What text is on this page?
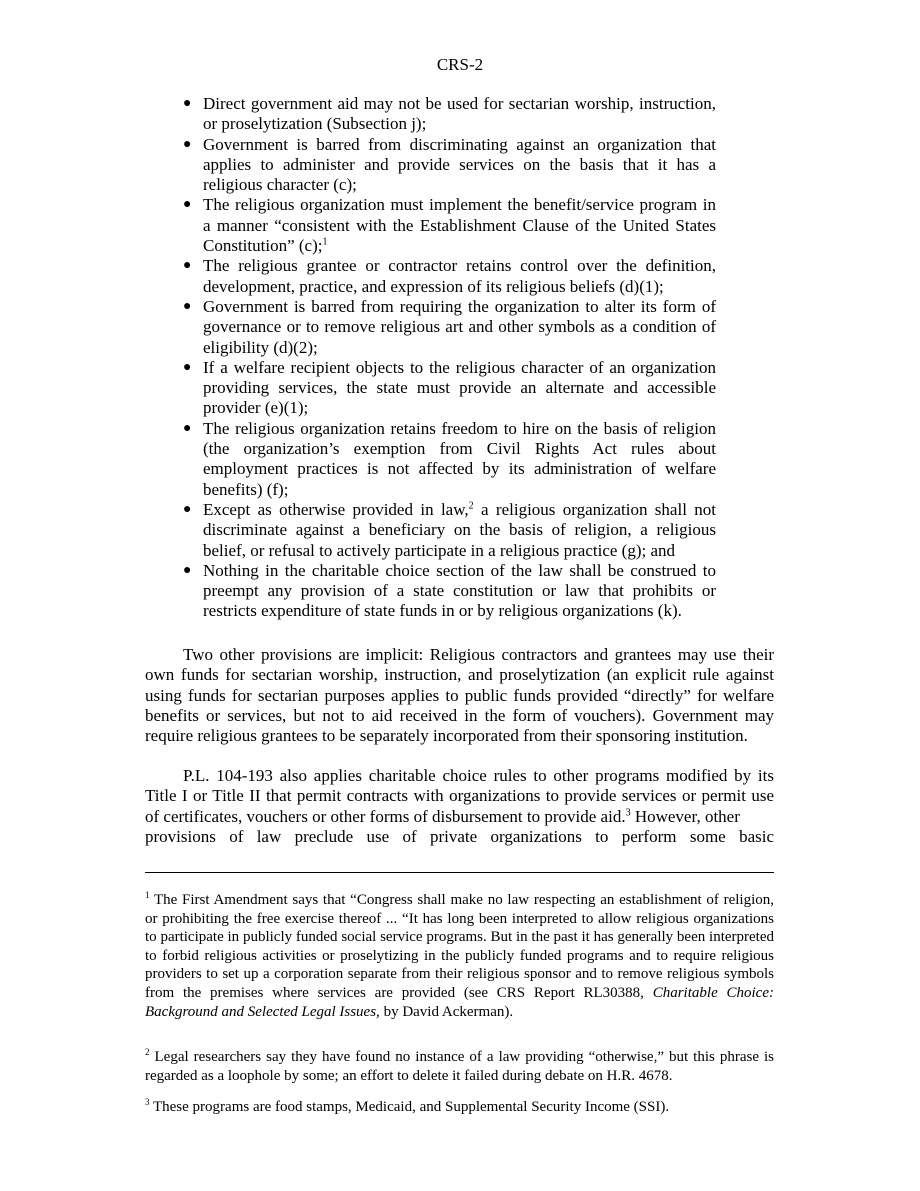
CRS-2
● Direct government aid may not be used for sectarian worship, instruction, or proselytization (Subsection j);
● Government is barred from discriminating against an organization that applies to administer and provide services on the basis that it has a religious character (c);
● The religious organization must implement the benefit/service program in a manner “consistent with the Establishment Clause of the United States Constitution” (c);$^1$
● The religious grantee or contractor retains control over the definition, development, practice, and expression of its religious beliefs (d)(1);
● Government is barred from requiring the organization to alter its form of governance or to remove religious art and other symbols as a condition of eligibility (d)(2);
● If a welfare recipient objects to the religious character of an organization providing services, the state must provide an alternate and accessible provider (e)(1);
● The religious organization retains freedom to hire on the basis of religion (the organization’s exemption from Civil Rights Act rules about employment practices is not affected by its administration of welfare benefits) (f);
● Except as otherwise provided in law,$^2$ a religious organization shall not discriminate against a beneficiary on the basis of religion, a religious belief, or refusal to actively participate in a religious practice (g); and
● Nothing in the charitable choice section of the law shall be construed to preempt any provision of a state constitution or law that prohibits or restricts expenditure of state funds in or by religious organizations (k).

Two other provisions are implicit: Religious contractors and grantees may use their own funds for sectarian worship, instruction, and proselytization (an explicit rule against using funds for sectarian purposes applies to public funds provided “directly” for welfare benefits or services, but not to aid received in the form of vouchers). Government may require religious grantees to be separately incorporated from their sponsoring institution.

P.L. 104-193 also applies charitable choice rules to other programs modified by its Title I or Title II that permit contracts with organizations to provide services or permit use of certificates, vouchers or other forms of disbursement to provide aid.$^3$ However, other
provisions of law preclude use of private organizations to perform some basic

$^1$ The First Amendment says that “Congress shall make no law respecting an establishment of religion, or prohibiting the free exercise thereof ... “It has long been interpreted to allow religious organizations to participate in publicly funded social service programs. But in the past it has generally been interpreted to forbid religious activities or proselytizing in the publicly funded programs and to require religious providers to set up a corporation separate from their religious sponsor and to remove religious symbols from the premises where services are provided (see CRS Report RL30388, Charitable Choice: Background and Selected Legal Issues, by David Ackerman).

$^2$ Legal researchers say they have found no instance of a law providing “otherwise,” but this phrase is regarded as a loophole by some; an effort to delete it failed during debate on H.R. 4678.

$^3$ These programs are food stamps, Medicaid, and Supplemental Security Income (SSI).
